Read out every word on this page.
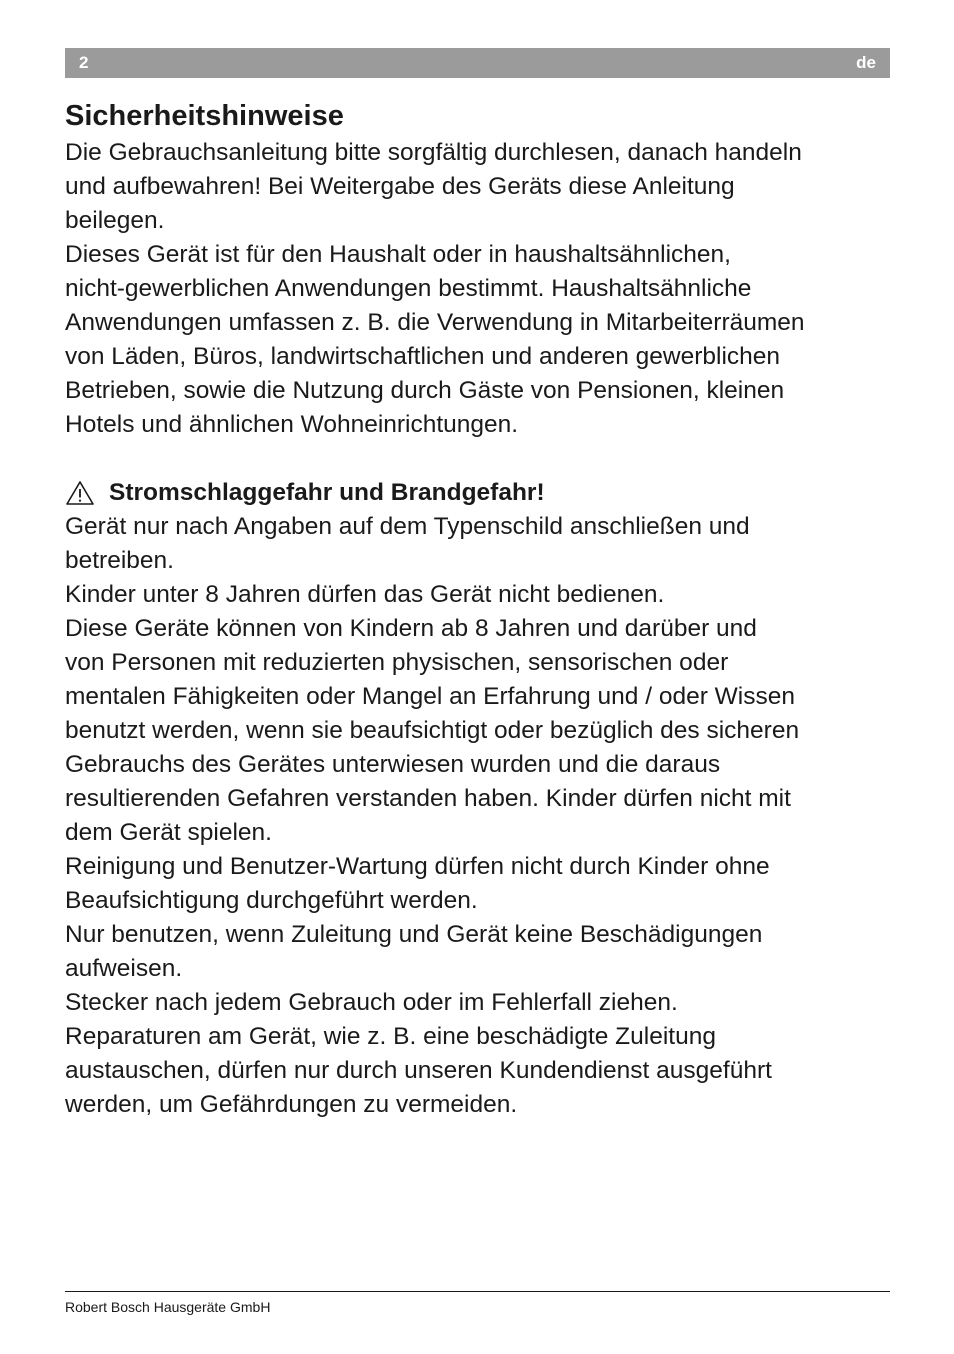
2	de
Sicherheitshinweise

Die Gebrauchsanleitung bitte sorgfältig durchlesen, danach handeln
und aufbewahren! Bei Weitergabe des Geräts diese Anleitung
beilegen.

Dieses Gerät ist für den Haushalt oder in haushaltsähnlichen,
nicht-gewerblichen Anwendungen bestimmt. Haushaltsähnliche
Anwendungen umfassen z. B. die Verwendung in Mitarbeiterräumen
von Läden, Büros, landwirtschaftlichen und anderen gewerblichen
Betrieben, sowie die Nutzung durch Gäste von Pensionen, kleinen
Hotels und ähnlichen Wohneinrichtungen.

Stromschlaggefahr und Brandgefahr!

Gerät nur nach Angaben auf dem Typenschild anschließen und
betreiben.

Kinder unter 8 Jahren dürfen das Gerät nicht bedienen.

Diese Geräte können von Kindern ab 8 Jahren und darüber und
von Personen mit reduzierten physischen, sensorischen oder
mentalen Fähigkeiten oder Mangel an Erfahrung und / oder Wissen
benutzt werden, wenn sie beaufsichtigt oder bezüglich des sicheren
Gebrauchs des Gerätes unterwiesen wurden und die daraus
resultierenden Gefahren verstanden haben. Kinder dürfen nicht mit
dem Gerät spielen.

Reinigung und Benutzer-Wartung dürfen nicht durch Kinder ohne
Beaufsichtigung durchgeführt werden.

Nur benutzen, wenn Zuleitung und Gerät keine Beschädigungen
aufweisen.

Stecker nach jedem Gebrauch oder im Fehlerfall ziehen.

Reparaturen am Gerät, wie z. B. eine beschädigte Zuleitung
austauschen, dürfen nur durch unseren Kundendienst ausgeführt
werden, um Gefährdungen zu vermeiden.

Robert Bosch Hausgeräte GmbH
